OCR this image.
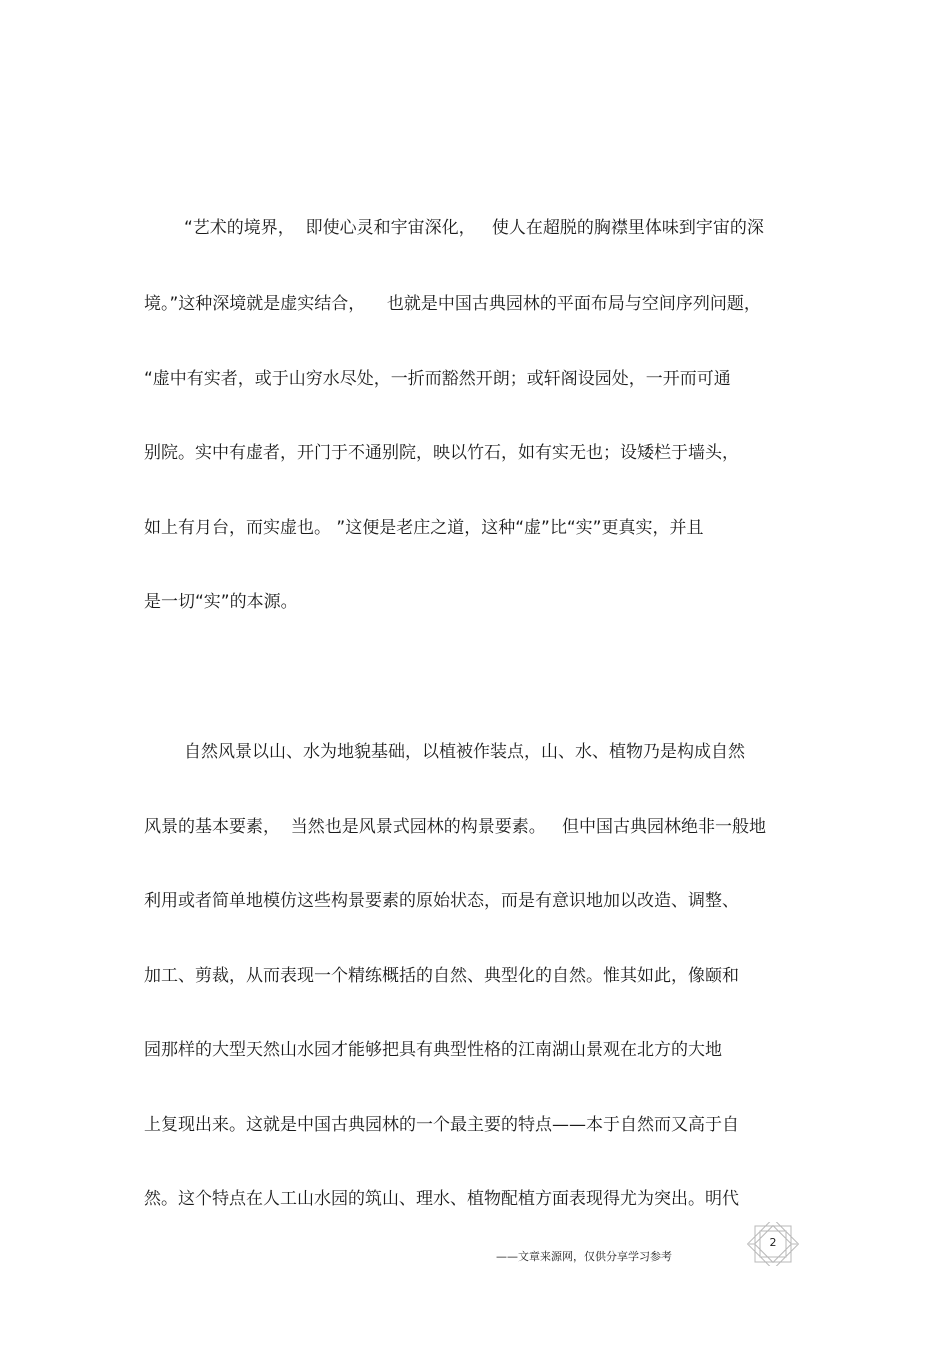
“艺术的境界，  即使心灵和宇宙深化，   使人在超脱的胸襟里体味到宇宙的深
境。”这种深境就是虚实结合，    也就是中国古典园林的平面布局与空间序列问题，
“虚中有实者，或于山穷水尽处，一折而豁然开朗；或轩阁设园处，一开而可通
别院。实中有虚者，开门于不通别院，映以竹石，如有实无也；设矮栏于墙头，
如上有月台，而实虚也。 ”这便是老庄之道，这种“虚”比“实”更真实，并且
是一切“实”的本源。
自然风景以山、水为地貌基础，以植被作装点，山、水、植物乃是构成自然
风景的基本要素，  当然也是风景式园林的构景要素。   但中国古典园林绝非一般地
利用或者简单地模仿这些构景要素的原始状态，而是有意识地加以改造、调整、
加工、剪裁，从而表现一个精练概括的自然、典型化的自然。惟其如此，像颐和
园那样的大型天然山水园才能够把具有典型性格的江南湖山景观在北方的大地
上复现出来。这就是中国古典园林的一个最主要的特点——本于自然而又高于自
然。这个特点在人工山水园的筑山、理水、植物配植方面表现得尤为突出。明代
2
——文章来源网，仅供分享学习参考
